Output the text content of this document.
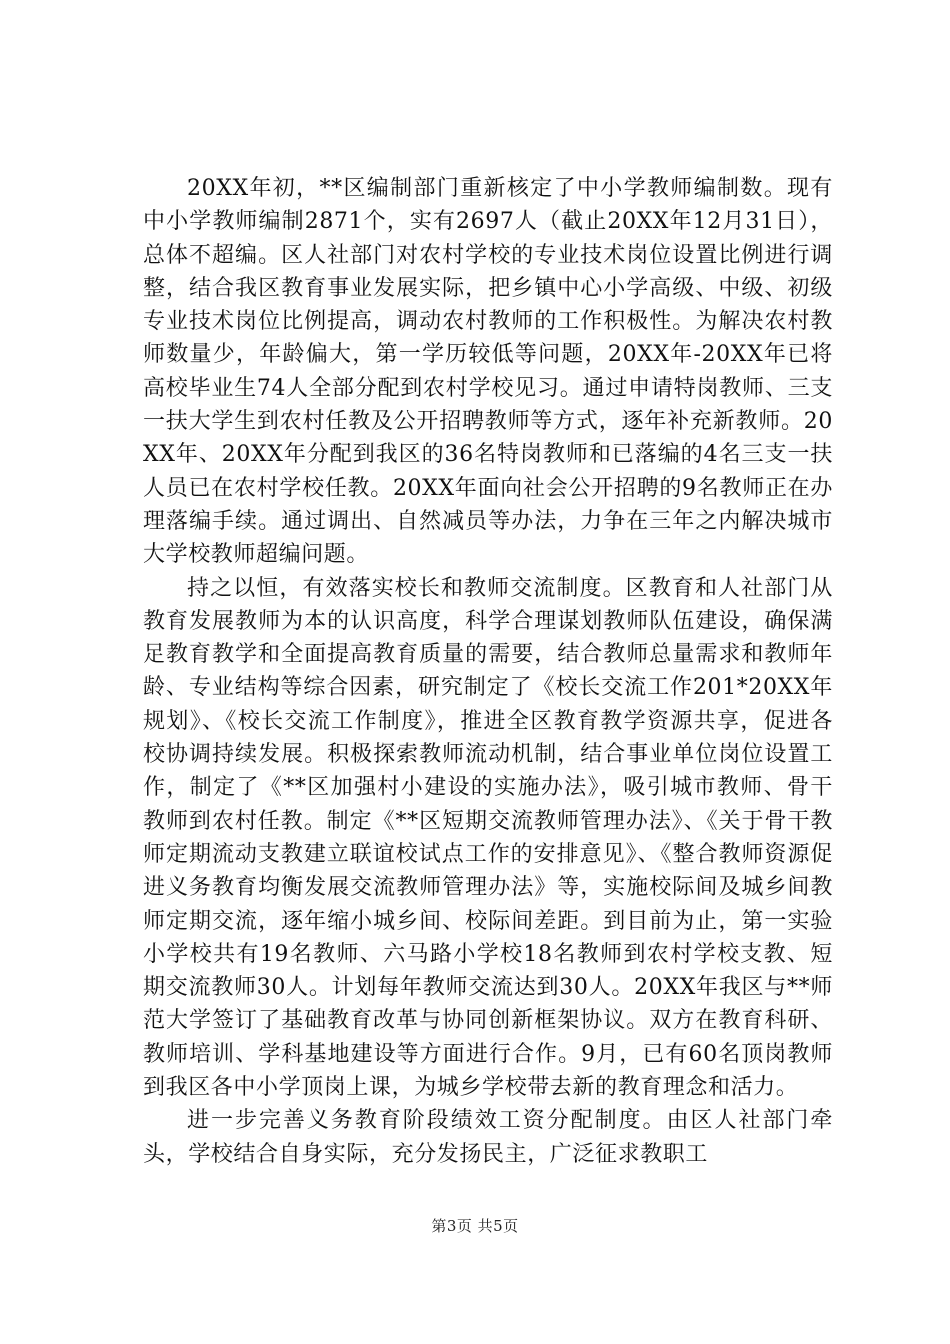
20XX年初，**区编制部门重新核定了中小学教师编制数。现有中小学教师编制2871个，实有2697人（截止20XX年12月31日），总体不超编。区人社部门对农村学校的专业技术岗位设置比例进行调整，结合我区教育事业发展实际，把乡镇中心小学高级、中级、初级专业技术岗位比例提高，调动农村教师的工作积极性。为解决农村教师数量少，年龄偏大，第一学历较低等问题，20XX年-20XX年已将高校毕业生74人全部分配到农村学校见习。通过申请特岗教师、三支一扶大学生到农村任教及公开招聘教师等方式，逐年补充新教师。20XX年、20XX年分配到我区的36名特岗教师和已落编的4名三支一扶人员已在农村学校任教。20XX年面向社会公开招聘的9名教师正在办理落编手续。通过调出、自然减员等办法，力争在三年之内解决城市大学校教师超编问题。

持之以恒，有效落实校长和教师交流制度。区教育和人社部门从教育发展教师为本的认识高度，科学合理谋划教师队伍建设，确保满足教育教学和全面提高教育质量的需要，结合教师总量需求和教师年龄、专业结构等综合因素，研究制定了《校长交流工作201*20XX年规划》、《校长交流工作制度》，推进全区教育教学资源共享，促进各校协调持续发展。积极探索教师流动机制，结合事业单位岗位设置工作，制定了《**区加强村小建设的实施办法》，吸引城市教师、骨干教师到农村任教。制定《**区短期交流教师管理办法》、《关于骨干教师定期流动支教建立联谊校试点工作的安排意见》、《整合教师资源促进义务教育均衡发展交流教师管理办法》等，实施校际间及城乡间教师定期交流，逐年缩小城乡间、校际间差距。到目前为止，第一实验小学校共有19名教师、六马路小学校18名教师到农村学校支教、短期交流教师30人。计划每年教师交流达到30人。20XX年我区与**师范大学签订了基础教育改革与协同创新框架协议。双方在教育科研、教师培训、学科基地建设等方面进行合作。9月，已有60名顶岗教师到我区各中小学顶岗上课，为城乡学校带去新的教育理念和活力。

进一步完善义务教育阶段绩效工资分配制度。由区人社部门牵头，学校结合自身实际，充分发扬民主，广泛征求教职工

第3页 共5页
